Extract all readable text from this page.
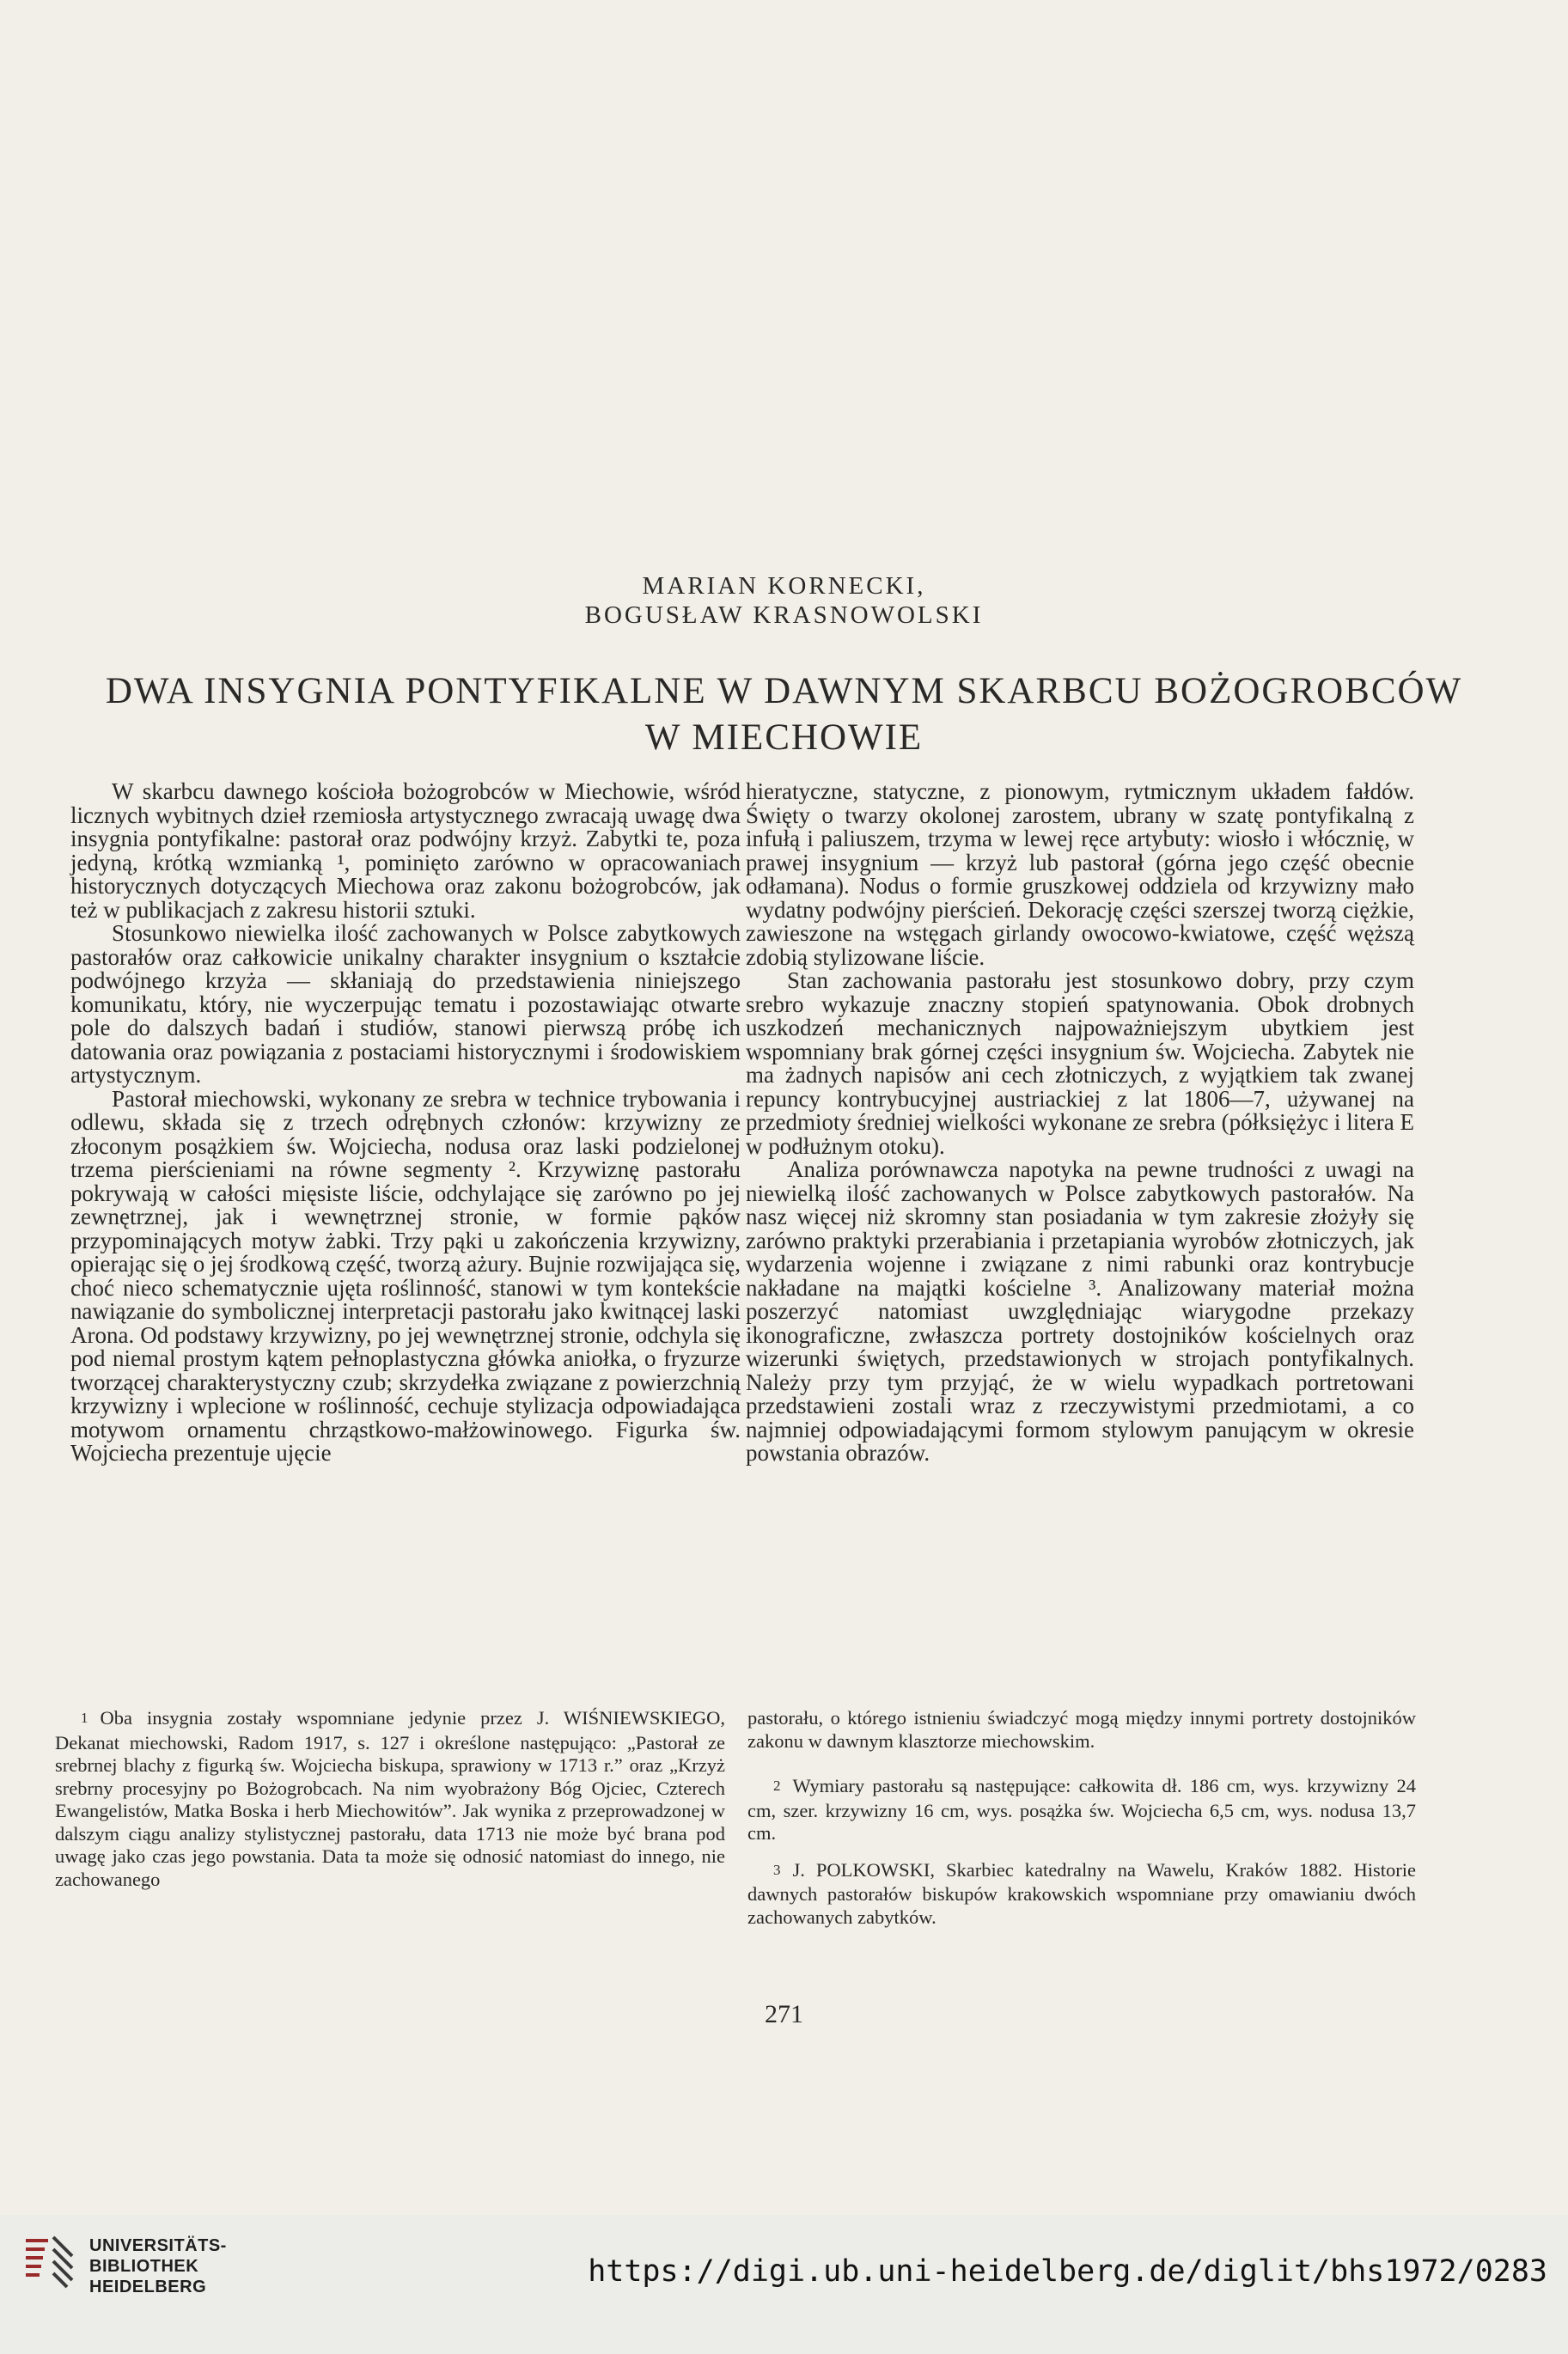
MARIAN KORNECKI,
BOGUSŁAW KRASNOWOLSKI
DWA INSYGNIA PONTYFIKALNE W DAWNYM SKARBCU BOŻOGROBCÓW
W MIECHOWIE

W skarbcu dawnego kościoła bożogrobców w Miechowie, wśród licznych wybitnych dzieł rzemiosła artystycznego zwracają uwagę dwa insygnia pontyfikalne: pastorał oraz podwójny krzyż. Zabytki te, poza jedyną, krótką wzmianką ¹, pominięto zarówno w opracowaniach historycznych dotyczących Miechowa oraz zakonu bożogrobców, jak też w publikacjach z zakresu historii sztuki.

Stosunkowo niewielka ilość zachowanych w Polsce zabytkowych pastorałów oraz całkowicie unikalny charakter insygnium o kształcie podwójnego krzyża — skłaniają do przedstawienia niniejszego komunikatu, który, nie wyczerpując tematu i pozostawiając otwarte pole do dalszych badań i studiów, stanowi pierwszą próbę ich datowania oraz powiązania z postaciami historycznymi i środowiskiem artystycznym.

Pastorał miechowski, wykonany ze srebra w technice trybowania i odlewu, składa się z trzech odrębnych członów: krzywizny ze złoconym posążkiem św. Wojciecha, nodusa oraz laski podzielonej trzema pierścieniami na równe segmenty ². Krzywiznę pastorału pokrywają w całości mięsiste liście, odchylające się zarówno po jej zewnętrznej, jak i wewnętrznej stronie, w formie pąków przypominających motyw żabki. Trzy pąki u zakończenia krzywizny, opierając się o jej środkową część, tworzą ażury. Bujnie rozwijająca się, choć nieco schematycznie ujęta roślinność, stanowi w tym kontekście nawiązanie do symbolicznej interpretacji pastorału jako kwitnącej laski Arona. Od podstawy krzywizny, po jej wewnętrznej stronie, odchyla się pod niemal prostym kątem pełnoplastyczna główka aniołka, o fryzurze tworzącej charakterystyczny czub; skrzydełka związane z powierzchnią krzywizny i wplecione w roślinność, cechuje stylizacja odpowiadająca motywom ornamentu chrząstkowo-małżowinowego. Figurka św. Wojciecha prezentuje ujęcie

hieratyczne, statyczne, z pionowym, rytmicznym układem fałdów. Święty o twarzy okolonej zarostem, ubrany w szatę pontyfikalną z infułą i paliuszem, trzyma w lewej ręce artybuty: wiosło i włócznię, w prawej insygnium — krzyż lub pastorał (górna jego część obecnie odłamana). Nodus o formie gruszkowej oddziela od krzywizny mało wydatny podwójny pierścień. Dekorację części szerszej tworzą ciężkie, zawieszone na wstęgach girlandy owocowo-kwiatowe, część węższą zdobią stylizowane liście.

Stan zachowania pastorału jest stosunkowo dobry, przy czym srebro wykazuje znaczny stopień spatynowania. Obok drobnych uszkodzeń mechanicznych najpoważniejszym ubytkiem jest wspomniany brak górnej części insygnium św. Wojciecha. Zabytek nie ma żadnych napisów ani cech złotniczych, z wyjątkiem tak zwanej repuncy kontrybucyjnej austriackiej z lat 1806—7, używanej na przedmioty średniej wielkości wykonane ze srebra (półksiężyc i litera E w podłużnym otoku).

Analiza porównawcza napotyka na pewne trudności z uwagi na niewielką ilość zachowanych w Polsce zabytkowych pastorałów. Na nasz więcej niż skromny stan posiadania w tym zakresie złożyły się zarówno praktyki przerabiania i przetapiania wyrobów złotniczych, jak wydarzenia wojenne i związane z nimi rabunki oraz kontrybucje nakładane na majątki kościelne ³. Analizowany materiał można poszerzyć natomiast uwzględniając wiarygodne przekazy ikonograficzne, zwłaszcza portrety dostojników kościelnych oraz wizerunki świętych, przedstawionych w strojach pontyfikalnych. Należy przy tym przyjąć, że w wielu wypadkach portretowani przedstawieni zostali wraz z rzeczywistymi przedmiotami, a co najmniej odpowiadającymi formom stylowym panującym w okresie powstania obrazów.

1 Oba insygnia zostały wspomniane jedynie przez J. WIŚNIEWSKIEGO, Dekanat miechowski, Radom 1917, s. 127 i określone następująco: „Pastorał ze srebrnej blachy z figurką św. Wojciecha biskupa, sprawiony w 1713 r.” oraz „Krzyż srebrny procesyjny po Bożogrobcach. Na nim wyobrażony Bóg Ojciec, Czterech Ewangelistów, Matka Boska i herb Miechowitów”. Jak wynika z przeprowadzonej w dalszym ciągu analizy stylistycznej pastorału, data 1713 nie może być brana pod uwagę jako czas jego powstania. Data ta może się odnosić natomiast do innego, nie zachowanego

pastorału, o którego istnieniu świadczyć mogą między innymi portrety dostojników zakonu w dawnym klasztorze miechowskim.

2 Wymiary pastorału są następujące: całkowita dł. 186 cm, wys. krzywizny 24 cm, szer. krzywizny 16 cm, wys. posążka św. Wojciecha 6,5 cm, wys. nodusa 13,7 cm.

3 J. POLKOWSKI, Skarbiec katedralny na Wawelu, Kraków 1882. Historie dawnych pastorałów biskupów krakowskich wspomniane przy omawianiu dwóch zachowanych zabytków.

271
UNIVERSITÄTS-
BIBLIOTHEK
HEIDELBERG	https://digi.ub.uni-heidelberg.de/diglit/bhs1972/0283
